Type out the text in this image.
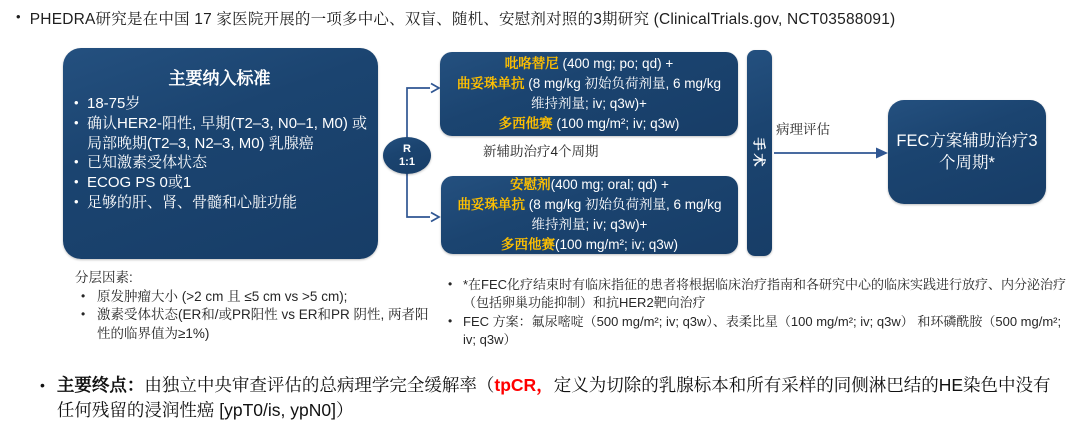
• PHEDRA研究是在中国 17 家医院开展的一项多中心、双盲、随机、安慰剂对照的3期研究 (ClinicalTrials.gov, NCT03588091)
主要纳入标准
• 18-75岁
• 确认HER2-阳性, 早期(T2–3, N0–1, M0) 或局部晚期(T2–3, N2–3, M0) 乳腺癌
• 已知激素受体状态
• ECOG PS 0或1
• 足够的肝、肾、骨髓和心脏功能
R
1:1
吡咯替尼 (400 mg; po; qd) +
曲妥珠单抗 (8 mg/kg 初始负荷剂量, 6 mg/kg
维持剂量; iv; q3w)+
多西他赛 (100 mg/m²; iv; q3w)
新辅助治疗4个周期
安慰剂(400 mg; oral; qd) +
曲妥珠单抗 (8 mg/kg 初始负荷剂量, 6 mg/kg
维持剂量; iv; q3w)+
多西他赛(100 mg/m²; iv; q3w)
手术
病理评估
FEC方案辅助治疗3
个周期*
分层因素:
• 原发肿瘤大小 (>2 cm 且 ≤5 cm vs >5 cm);
• 激素受体状态(ER和/或PR阳性 vs ER和PR 阴性, 两者阳性的临界值为≥1%)
• *在FEC化疗结束时有临床指征的患者将根据临床治疗指南和各研究中心的临床实践进行放疗、内分泌治疗（包括卵巢功能抑制）和抗HER2靶向治疗
• FEC 方案：氟尿嘧啶（500 mg/m²; iv; q3w）、表柔比星（100 mg/m²; iv; q3w） 和环磷酰胺（500 mg/m²; iv; q3w）
• 主要终点：由独立中央审查评估的总病理学完全缓解率（tpCR，定义为切除的乳腺标本和所有采样的同侧淋巴结的HE染色中没有任何残留的浸润性癌 [ypT0/is, ypN0]）
